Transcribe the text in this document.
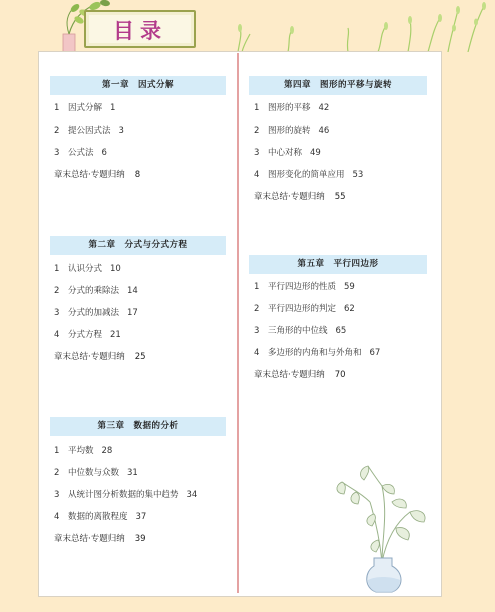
目录
第一章　因式分解
1 因式分解 1
2 提公因式法 3
3 公式法 6
章末总结·专题归纳 8
第二章　分式与分式方程
1 认识分式 10
2 分式的乘除法 14
3 分式的加减法 17
4 分式方程 21
章末总结·专题归纳 25
第三章　数据的分析
1 平均数 28
2 中位数与众数 31
3 从统计图分析数据的集中趋势 34
4 数据的离散程度 37
章末总结·专题归纳 39
第四章　图形的平移与旋转
1 图形的平移 42
2 图形的旋转 46
3 中心对称 49
4 图形变化的简单应用 53
章末总结·专题归纳 55
第五章　平行四边形
1 平行四边形的性质 59
2 平行四边形的判定 62
3 三角形的中位线 65
4 多边形的内角和与外角和 67
章末总结·专题归纳 70
